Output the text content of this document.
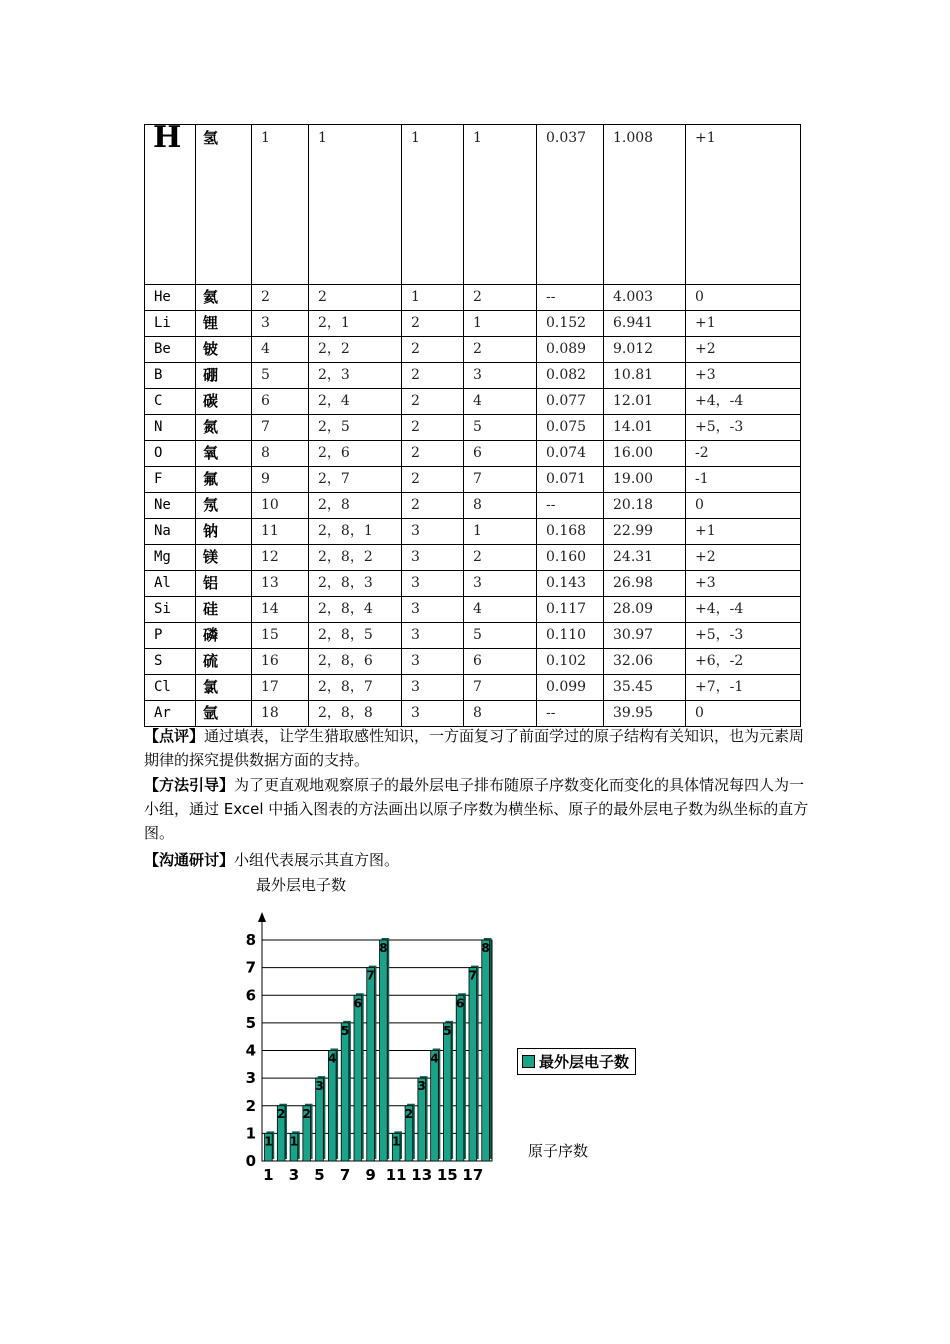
H	氢	1	1	1	1	0.037	1.008	+1
He	氦	2	2	1	2	--	4.003	0
Li	锂	3	2，1	2	1	0.152	6.941	+1
Be	铍	4	2，2	2	2	0.089	9.012	+2
B	硼	5	2，3	2	3	0.082	10.81	+3
C	碳	6	2，4	2	4	0.077	12.01	+4，-4
N	氮	7	2，5	2	5	0.075	14.01	+5，-3
O	氧	8	2，6	2	6	0.074	16.00	-2
F	氟	9	2，7	2	7	0.071	19.00	-1
Ne	氖	10	2，8	2	8	--	20.18	0
Na	钠	11	2，8，1	3	1	0.168	22.99	+1
Mg	镁	12	2，8，2	3	2	0.160	24.31	+2
Al	铝	13	2，8，3	3	3	0.143	26.98	+3
Si	硅	14	2，8，4	3	4	0.117	28.09	+4，-4
P	磷	15	2，8，5	3	5	0.110	30.97	+5，-3
S	硫	16	2，8，6	3	6	0.102	32.06	+6，-2
Cl	氯	17	2，8，7	3	7	0.099	35.45	+7，-1
Ar	氩	18	2，8，8	3	8	--	39.95	0
【点评】通过填表，让学生猎取感性知识，一方面复习了前面学过的原子结构有关知识，也为元素周期律的探究提供数据方面的支持。
【方法引导】为了更直观地观察原子的最外层电子排布随原子序数变化而变化的具体情况每四人为一小组，通过 Excel 中插入图表的方法画出以原子序数为横坐标、原子的最外层电子数为纵坐标的直方图。
【沟通研讨】小组代表展示其直方图。
0
1
2
3
4
5
6
7
8
1
2
1
2
3
4
5
6
7
8
1
2
3
4
5
6
7
8
1 3 5 7 9 11 13 15 17
最外层电子数
原子序数
最外层电子数
